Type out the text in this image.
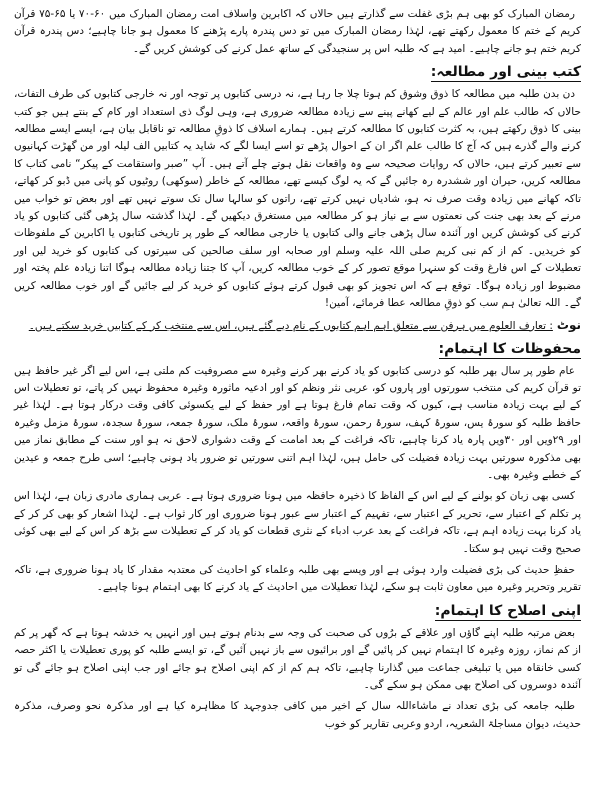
رمضان المبارک کو بھی ہم بڑی غفلت سے گذارتے ہیں حالاں کہ اکابرین واسلاف امت رمضان المبارک میں ۶۰-۷۰ یا ۶۵-۷۵ قرآن کریم کے ختم کا معمول رکھتے تھے، لہٰذا رمضان المبارک میں تو دس پندرہ پارے پڑھنے کا معمول ہو جانا چاہیے؛ دس پندرہ قرآن کریم ختم ہو جانے چاہیے۔ امید ہے کہ طلبہ اس پر سنجیدگی کے ساتھ عمل کرنے کی کوشش کریں گے۔

کتب بینی اور مطالعہ:

دن بدن طلبہ میں مطالعہ کا ذوق وشوق کم ہوتا چلا جا رہا ہے، نہ درسی کتابوں پر توجہ اور نہ خارجی کتابوں کی طرف التفات، حالاں کہ طالب علم اور عالم کے لیے کھانے پینے سے زیادہ مطالعہ ضروری ہے، وہی لوگ ذی استعداد اور کام کے بنتے ہیں جو کتب بینی کا ذوق رکھتے ہیں، بہ کثرت کتابوں کا مطالعہ کرتے ہیں۔ ہمارے اسلاف کا ذوقِ مطالعہ تو ناقابل بیان ہے، ایسے ایسے مطالعہ کرنے والے گذرے ہیں کہ آج کا طالب علم اگر ان کے احوال پڑھے تو اسے ایسا لگے کہ شاید یہ کتابیں الف لیلہ اور من گھڑت کہانیوں سے تعبیر کرتے ہیں، حالاں کہ روایات صحیحہ سے وہ واقعات نقل ہوتے چلے آتے ہیں۔ آپ ”صبر واستقامت کے پیکر“ نامی کتاب کا مطالعہ کریں، حیران اور ششدرہ رہ جائیں گے کہ یہ لوگ کیسے تھے، مطالعہ کے خاطر (سوکھی) روٹیوں کو پانی میں ڈبو کر کھاتے، تاکہ کھانے میں زیادہ وقت صرف نہ ہو، شادیاں نہیں کرتے تھے، راتوں کو سالہا سال تک سوتے نہیں تھے اور بعض تو خواب میں مرنے کے بعد بھی جنت کی نعمتوں سے بے نیاز ہو کر مطالعہ میں مستغرق دیکھیں گے۔ لہٰذا گذشتہ سال پڑھی گئی کتابوں کو یاد کرنے کی کوشش کریں اور آئندہ سال پڑھی جانے والی کتابوں یا خارجی مطالعہ کے طور پر تاریخی کتابوں یا اکابرین کے ملفوظات کو خریدیں۔ کم از کم نبی کریم صلی اللہ علیہ وسلم اور صحابہ اور سلف صالحین کی سیرتوں کی کتابوں کو خرید لیں اور تعطیلات کے اس فارغ وقت کو سنہرا موقع تصور کر کے خوب مطالعہ کریں، آپ کا جتنا زیادہ مطالعہ ہوگا اتنا زیادہ علم پختہ اور مضبوط اور زیادہ ہوگا۔ توقع ہے کہ اس تجویز کو بھی قبول کرتے ہوئے کتابوں کو خرید کر لیے جائیں گے اور خوب مطالعہ کریں گے۔ اللہ تعالیٰ ہم سب کو ذوقِ مطالعہ عطا فرمائے، آمین!

نوٹ: تعارف العلوم میں ہرفن سے متعلق اہم اہم کتابوں کے نام دیے گئے ہیں، اس سے منتخب کر کے کتابیں خرید سکتے ہیں۔
محفوظات کا اہتمام:

عام طور پر سال بھر طلبہ کو درسی کتابوں کو یاد کرنے بھر کرنے وغیرہ سے مصروفیت کم ملتی ہے، اس لیے اگر غیر حافظ ہیں تو قرآن کریم کی منتخب سورتوں اور پاروں کو، عربی نثر ونظم کو اور ادعیہ ماثورہ وغیرہ محفوظ نہیں کر پاتے، تو تعطیلات اس کے لیے بہت زیادہ مناسب ہے، کیوں کہ وقت تمام فارغ ہوتا ہے اور حفظ کے لیے یکسوئی کافی وقت درکار ہوتا ہے۔ لہٰذا غیر حافظ طلبہ کو سورۂ یس، سورۂ کہف، سورۂ رحمن، سورۂ واقعہ، سورۂ ملک، سورۂ جمعہ، سورۂ سجدہ، سورۂ مزمل وغیرہ اور ۲۹ویں اور ۳۰ویں پارہ یاد کرنا چاہیے، تاکہ فراغت کے بعد امامت کے وقت دشواری لاحق نہ ہو اور سنت کے مطابق نماز میں بھی مذکورہ سورتیں بہت زیادہ فضیلت کی حامل ہیں، لہٰذا اہم اتنی سورتیں تو ضرور یاد ہونی چاہیے؛ اسی طرح جمعہ و عیدین کے خطبے وغیرہ بھی۔

کسی بھی زبان کو بولنے کے لیے اس کے الفاظ کا ذخیرہ حافظہ میں ہونا ضروری ہوتا ہے۔ عربی ہماری مادری زبان ہے، لہٰذا اس پر تکلم کے اعتبار سے، تحریر کے اعتبار سے، تفہیم کے اعتبار سے عبور ہونا ضروری اور کار ثواب ہے۔ لہٰذا اشعار کو بھی کر کر کے یاد کرنا بہت زیادہ اہم ہے، تاکہ فراغت کے بعد عرب ادباء کے نثری قطعات کو یاد کر کے تعطیلات سے بڑھ کر اس کے لیے بھی کوئی صحیح وقت نہیں ہو سکتا۔

حفظِ حدیث کی بڑی فضیلت وارد ہوئی ہے اور ویسے بھی طلبہ وعلماء کو احادیث کی معتدبہ مقدار کا یاد ہونا ضروری ہے، تاکہ تقریر وتحریر وغیرہ میں معاون ثابت ہو سکے، لہٰذا تعطیلات میں احادیث کے یاد کرنے کا بھی اہتمام ہونا چاہیے۔

اپنی اصلاح کا اہتمام:

بعض مرتبہ طلبہ اپنے گاؤں اور علاقے کے برُوں کی صحبت کی وجہ سے بدنام ہوتے ہیں اور انہیں یہ خدشہ ہوتا ہے کہ گھر پر کم از کم نماز، روزہ وغیرہ کا اہتمام نہیں کر پائیں گے اور برائیوں سے باز نہیں آئیں گے، تو ایسے طلبہ کو پوری تعطیلات یا اکثر حصہ کسی خانقاہ میں یا تبلیغی جماعت میں گذارنا چاہیے، تاکہ ہم کم از کم اپنی اصلاح ہو جائے اور جب اپنی اصلاح ہو جائے گی تو آئندہ دوسروں کی اصلاح بھی ممکن ہو سکے گی۔

طلبہ جامعہ کی بڑی تعداد نے ماشاءاللہ سال کے اخیر میں کافی جدوجہد کا مظاہرہ کیا ہے اور مذکرہ نحو وصرف، مذکرہ حدیث، دیوان مساجلۃ الشعریہ، اردو وعربی تقاریر کو خوب
